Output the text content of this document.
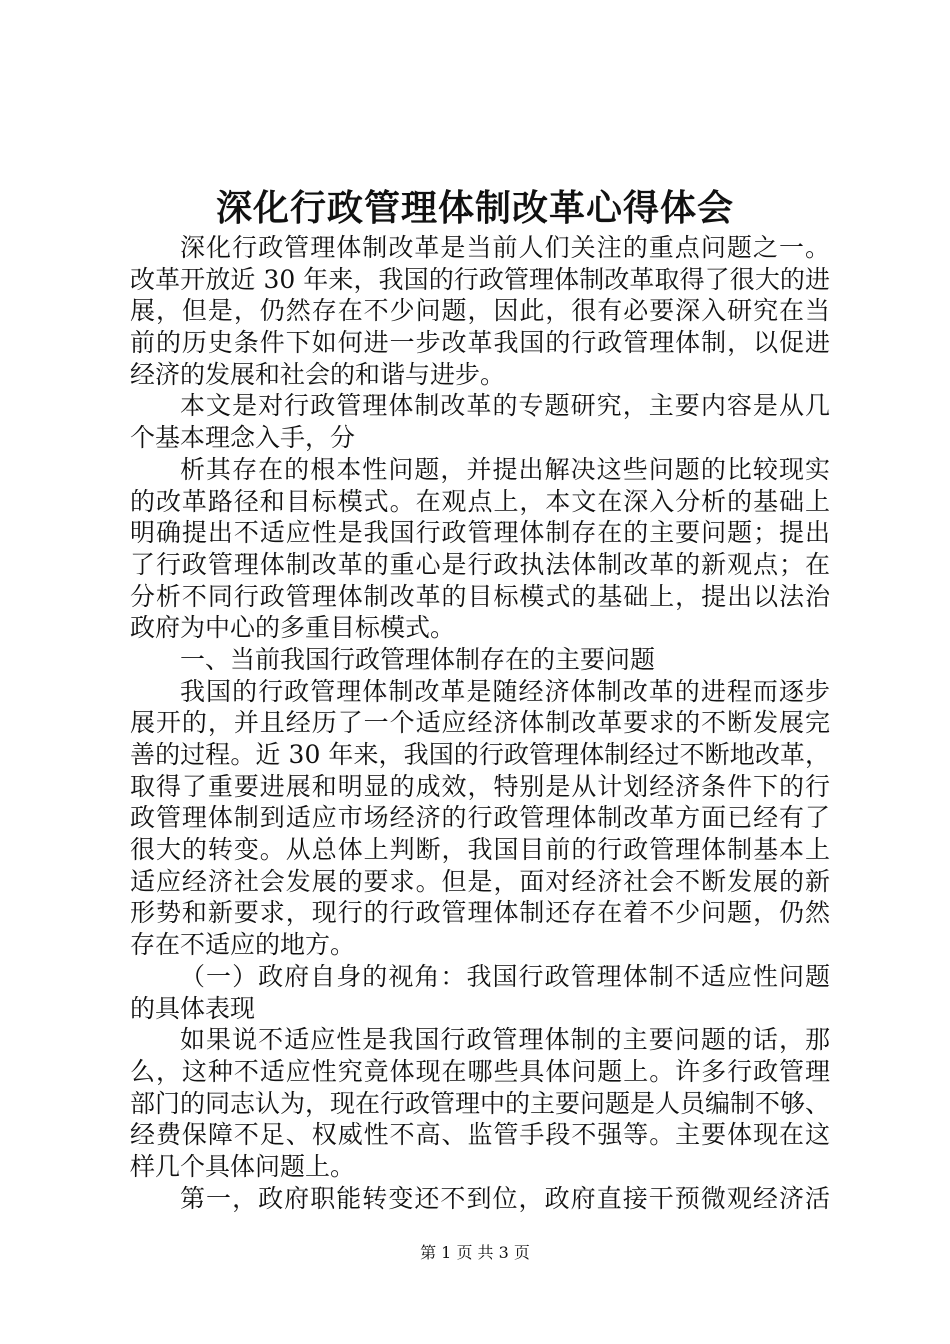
深化行政管理体制改革心得体会
深化行政管理体制改革是当前人们关注的重点问题之一。
改革开放近 30 年来，我国的行政管理体制改革取得了很大的进
展，但是，仍然存在不少问题，因此，很有必要深入研究在当
前的历史条件下如何进一步改革我国的行政管理体制，以促进
经济的发展和社会的和谐与进步。
本文是对行政管理体制改革的专题研究，主要内容是从几
个基本理念入手，分
析其存在的根本性问题，并提出解决这些问题的比较现实
的改革路径和目标模式。在观点上，本文在深入分析的基础上
明确提出不适应性是我国行政管理体制存在的主要问题；提出
了行政管理体制改革的重心是行政执法体制改革的新观点；在
分析不同行政管理体制改革的目标模式的基础上，提出以法治
政府为中心的多重目标模式。
一、当前我国行政管理体制存在的主要问题
我国的行政管理体制改革是随经济体制改革的进程而逐步
展开的，并且经历了一个适应经济体制改革要求的不断发展完
善的过程。近 30 年来，我国的行政管理体制经过不断地改革，
取得了重要进展和明显的成效，特别是从计划经济条件下的行
政管理体制到适应市场经济的行政管理体制改革方面已经有了
很大的转变。从总体上判断，我国目前的行政管理体制基本上
适应经济社会发展的要求。但是，面对经济社会不断发展的新
形势和新要求，现行的行政管理体制还存在着不少问题，仍然
存在不适应的地方。
（一）政府自身的视角：我国行政管理体制不适应性问题
的具体表现
如果说不适应性是我国行政管理体制的主要问题的话，那
么，这种不适应性究竟体现在哪些具体问题上。许多行政管理
部门的同志认为，现在行政管理中的主要问题是人员编制不够、
经费保障不足、权威性不高、监管手段不强等。主要体现在这
样几个具体问题上。
第一，政府职能转变还不到位，政府直接干预微观经济活
第 1 页 共 3 页
